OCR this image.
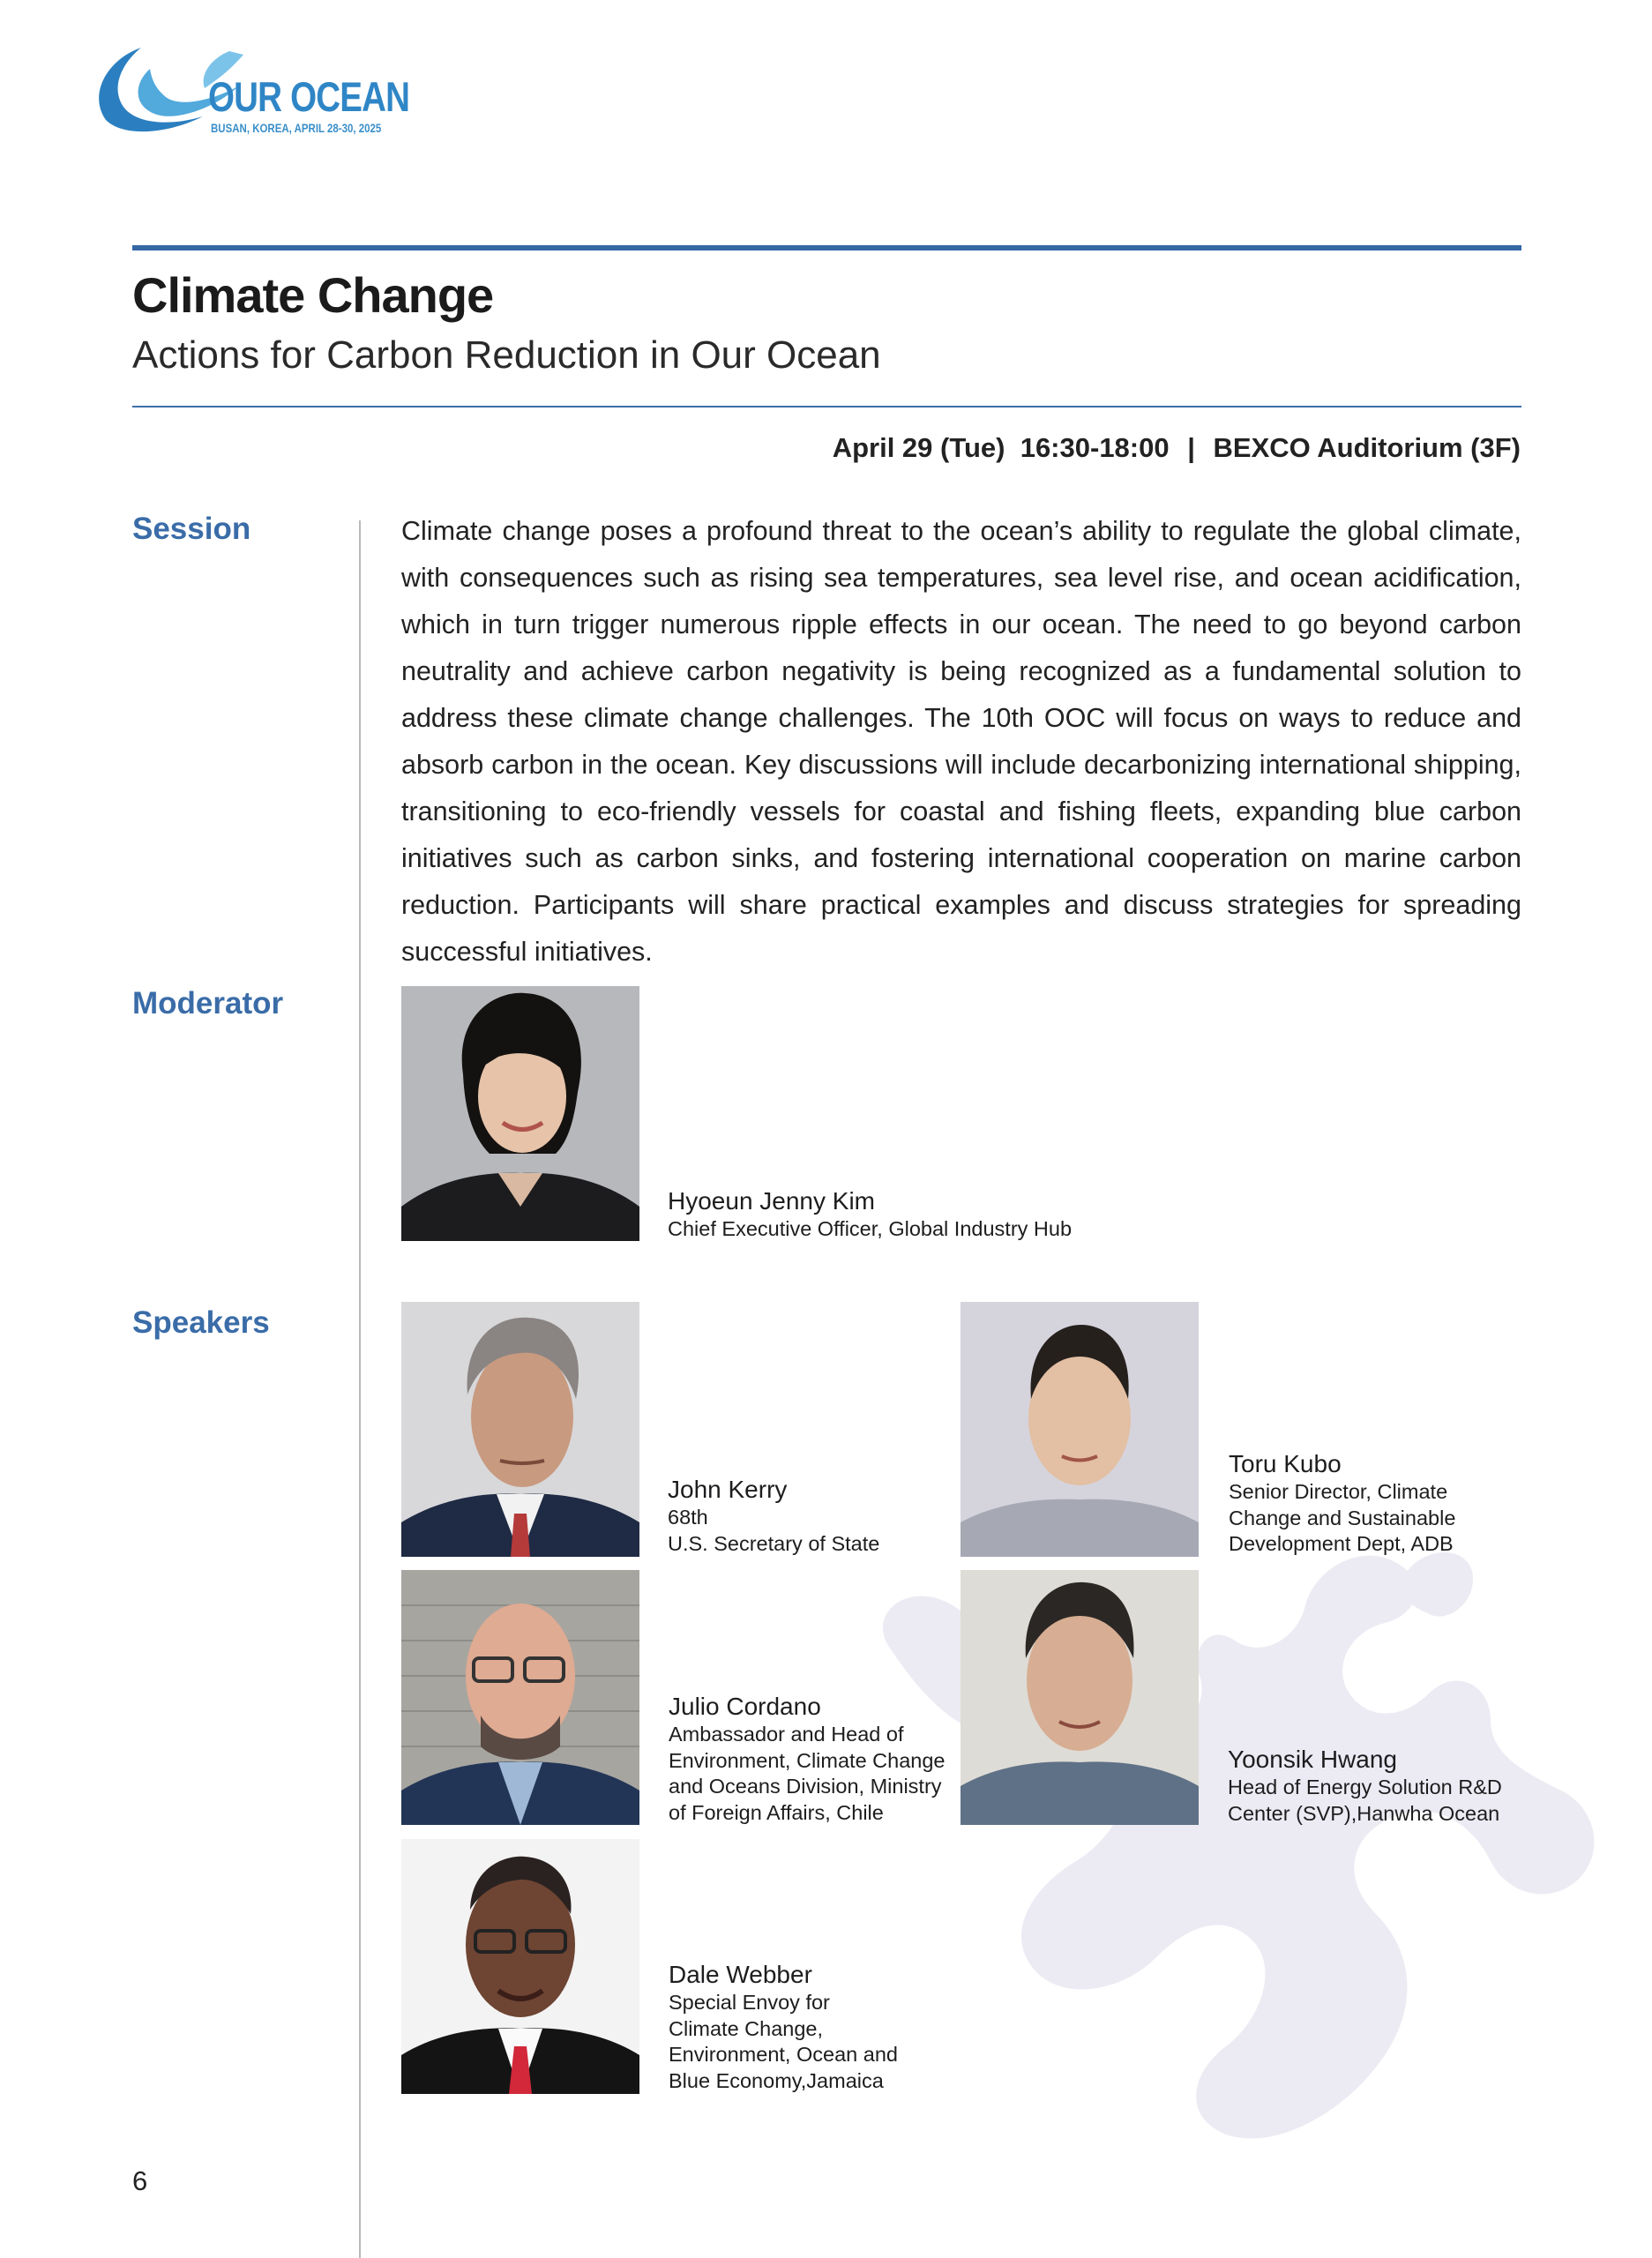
OUR OCEAN
BUSAN, KOREA, APRIL 28-30, 2025
Climate Change
Actions for Carbon Reduction in Our Ocean
April 29 (Tue) 16:30-18:00 | BEXCO Auditorium (3F)
Session
Moderator
Speakers
Climate change poses a profound threat to the ocean’s ability to regulate the global climate, with consequences such as rising sea temperatures, sea level rise, and ocean acidification, which in turn trigger numerous ripple effects in our ocean. The need to go beyond carbon neutrality and achieve carbon negativity is being recognized as a fundamental solution to address these climate change challenges. The 10th OOC will focus on ways to reduce and absorb carbon in the ocean. Key discussions will include decarbonizing international shipping, transitioning to eco-friendly vessels for coastal and fishing fleets, expanding blue carbon initiatives such as carbon sinks, and fostering international cooperation on marine carbon reduction. Participants will share practical examples and discuss strategies for spreading successful initiatives.
Hyoeun Jenny Kim
Chief Executive Officer, Global Industry Hub
John Kerry
68th
U.S. Secretary of State
Julio Cordano
Ambassador and Head of
Environment, Climate Change
and Oceans Division, Ministry
of Foreign Affairs, Chile
Dale Webber
Special Envoy for
Climate Change,
Environment, Ocean and
Blue Economy,Jamaica
Toru Kubo
Senior Director, Climate
Change and Sustainable
Development Dept, ADB
Yoonsik Hwang
Head of Energy Solution R&D
Center (SVP),Hanwha Ocean
6
